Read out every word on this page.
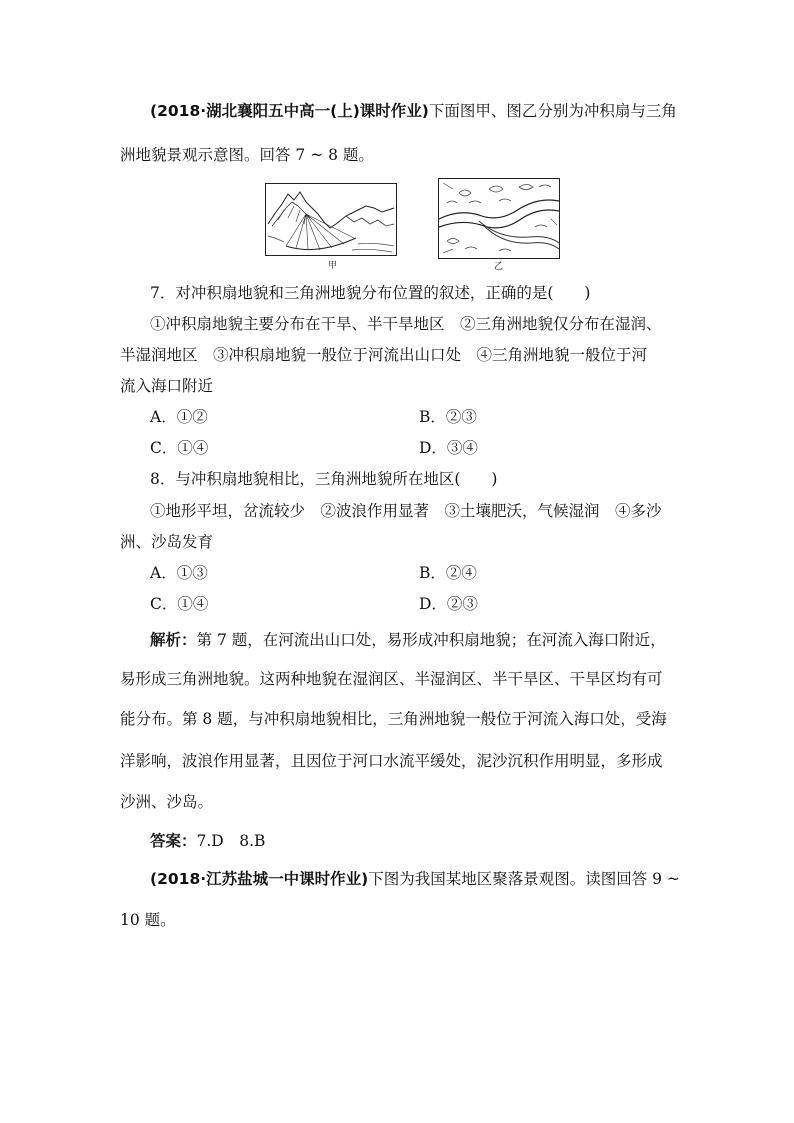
(2018·湖北襄阳五中高一(上)课时作业)下面图甲、图乙分别为冲积扇与三角
洲地貌景观示意图。回答 7 ~ 8 题。
甲	乙
7．对冲积扇地貌和三角洲地貌分布位置的叙述，正确的是(　　)
①冲积扇地貌主要分布在干旱、半干旱地区　②三角洲地貌仅分布在湿润、
半湿润地区　③冲积扇地貌一般位于河流出山口处　④三角洲地貌一般位于河
流入海口附近
A．①②	B．②③
C．①④	D．③④
8．与冲积扇地貌相比，三角洲地貌所在地区(　　)
①地形平坦，岔流较少　②波浪作用显著　③土壤肥沃，气候湿润　④多沙
洲、沙岛发育
A．①③	B．②④
C．①④	D．②③
解析：第 7 题，在河流出山口处，易形成冲积扇地貌；在河流入海口附近，
易形成三角洲地貌。这两种地貌在湿润区、半湿润区、半干旱区、干旱区均有可
能分布。第 8 题，与冲积扇地貌相比，三角洲地貌一般位于河流入海口处，受海
洋影响，波浪作用显著，且因位于河口水流平缓处，泥沙沉积作用明显，多形成
沙洲、沙岛。
答案：7.D　8.B
(2018·江苏盐城一中课时作业)下图为我国某地区聚落景观图。读图回答 9 ~
10 题。
